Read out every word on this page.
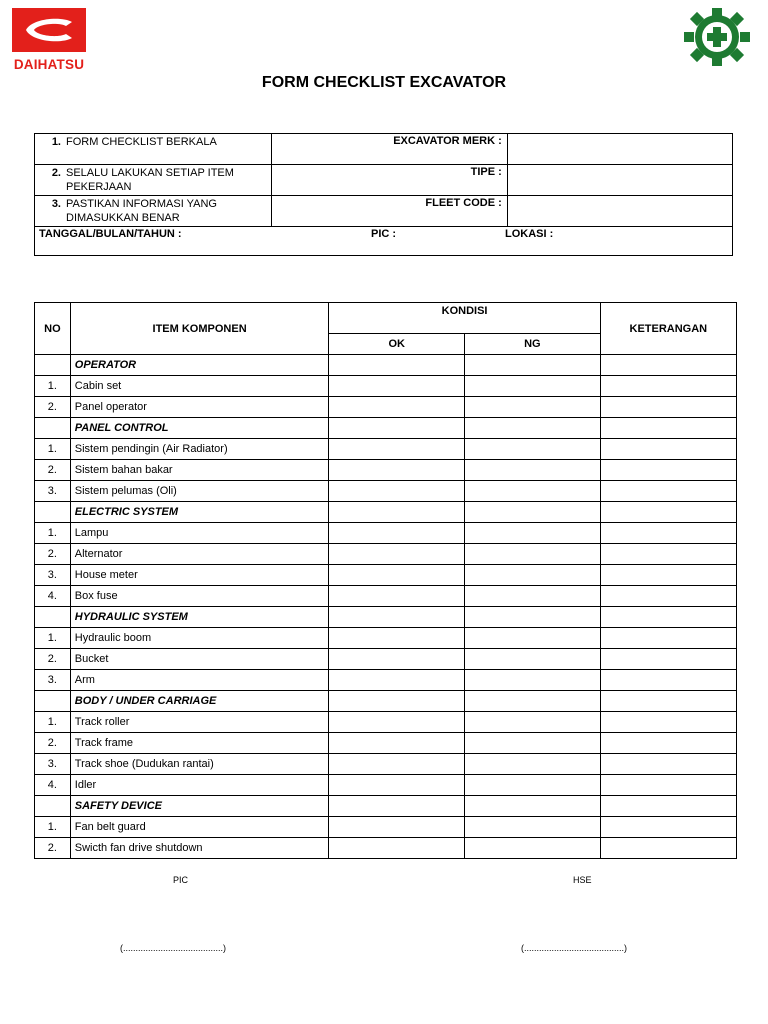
DAIHATSU
FORM CHECKLIST EXCAVATOR
1. FORM CHECKLIST BERKALA	EXCAVATOR MERK :	

2. SELALU LAKUKAN SETIAP ITEM PEKERJAAN	TIPE :	

3. PASTIKAN INFORMASI YANG DIMASUKKAN BENAR	FLEET CODE :	

TANGGAL/BULAN/TAHUN : PIC : LOKASI :		
NO	ITEM KOMPONEN	KONDISI		KETERANGAN
		OK	NG	
	OPERATOR			
1.	Cabin set			
2.	Panel operator			
	PANEL CONTROL			
1.	Sistem pendingin (Air Radiator)			
2.	Sistem bahan bakar			
3.	Sistem pelumas (Oli)			
	ELECTRIC SYSTEM			
1.	Lampu			
2.	Alternator			
3.	House meter			
4.	Box fuse			
	HYDRAULIC SYSTEM			
1.	Hydraulic boom			
2.	Bucket			
3.	Arm			
	BODY / UNDER CARRIAGE			
1.	Track roller			
2.	Track frame			
3.	Track shoe (Dudukan rantai)			
4.	Idler			
	SAFETY DEVICE			
1.	Fan belt guard			
2.	Swicth fan drive shutdown			
PIC	HSE
(........................................)	(........................................)
